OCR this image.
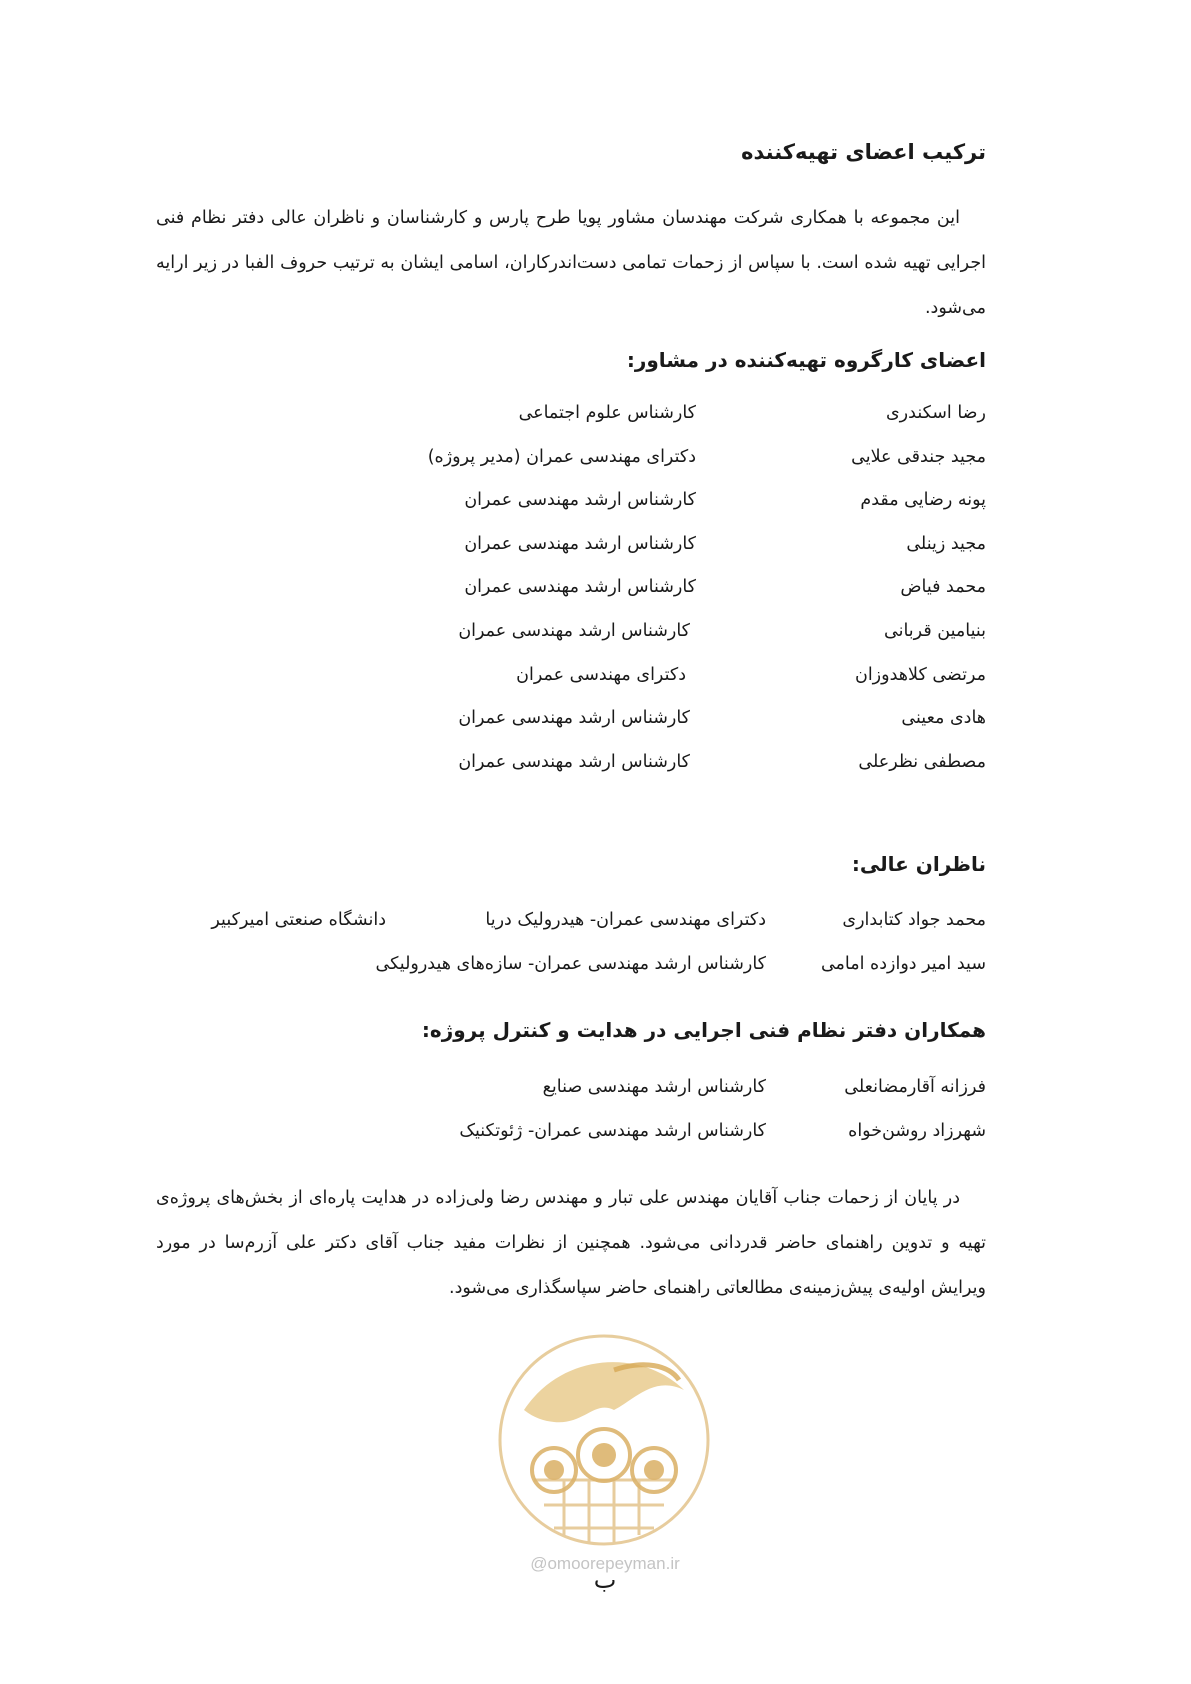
ترکیب اعضای تهیه‌کننده

این مجموعه با همکاری شرکت مهندسان مشاور پویا طرح پارس و کارشناسان و ناظران عالی دفتر نظام فنی اجرایی تهیه شده است. با سپاس از زحمات تمامی دست‌اندرکاران، اسامی ایشان به ترتیب حروف الفبا در زیر ارایه می‌شود.

اعضای کارگروه تهیه‌کننده در مشاور:
رضا اسکندری
کارشناس علوم اجتماعی
مجید جندقی علایی
دکترای مهندسی عمران (مدیر پروژه)
پونه رضایی مقدم
کارشناس ارشد مهندسی عمران
مجید زینلی
کارشناس ارشد مهندسی عمران
محمد فیاض
کارشناس ارشد مهندسی عمران
بنیامین قربانی
کارشناس ارشد مهندسی عمران
مرتضی کلاهدوزان
دکترای مهندسی عمران
هادی معینی
کارشناس ارشد مهندسی عمران
مصطفی نظرعلی
کارشناس ارشد مهندسی عمران
ناظران عالی:
محمد جواد کتابداری
دکترای مهندسی عمران- هیدرولیک دریا
دانشگاه صنعتی امیرکبیر
سید امیر دوازده امامی
کارشناس ارشد مهندسی عمران- سازه‌های هیدرولیکی
همکاران دفتر نظام فنی اجرایی در هدایت و کنترل پروژه:
فرزانه آقارمضانعلی
کارشناس ارشد مهندسی صنایع
شهرزاد روشن‌خواه
کارشناس ارشد مهندسی عمران- ژئوتکنیک

در پایان از زحمات جناب آقایان مهندس علی تبار و مهندس رضا ولی‌زاده در هدایت پاره‌ای از بخش‌های پروژه‌ی تهیه و تدوین راهنمای حاضر قدردانی می‌شود. همچنین از نظرات مفید جناب آقای دکتر علی آزرم‌سا در مورد ویرایش اولیه‌ی پیش‌زمینه‌ی مطالعاتی راهنمای حاضر سپاسگذاری می‌شود.

@omoorepeyman.ir
ب
